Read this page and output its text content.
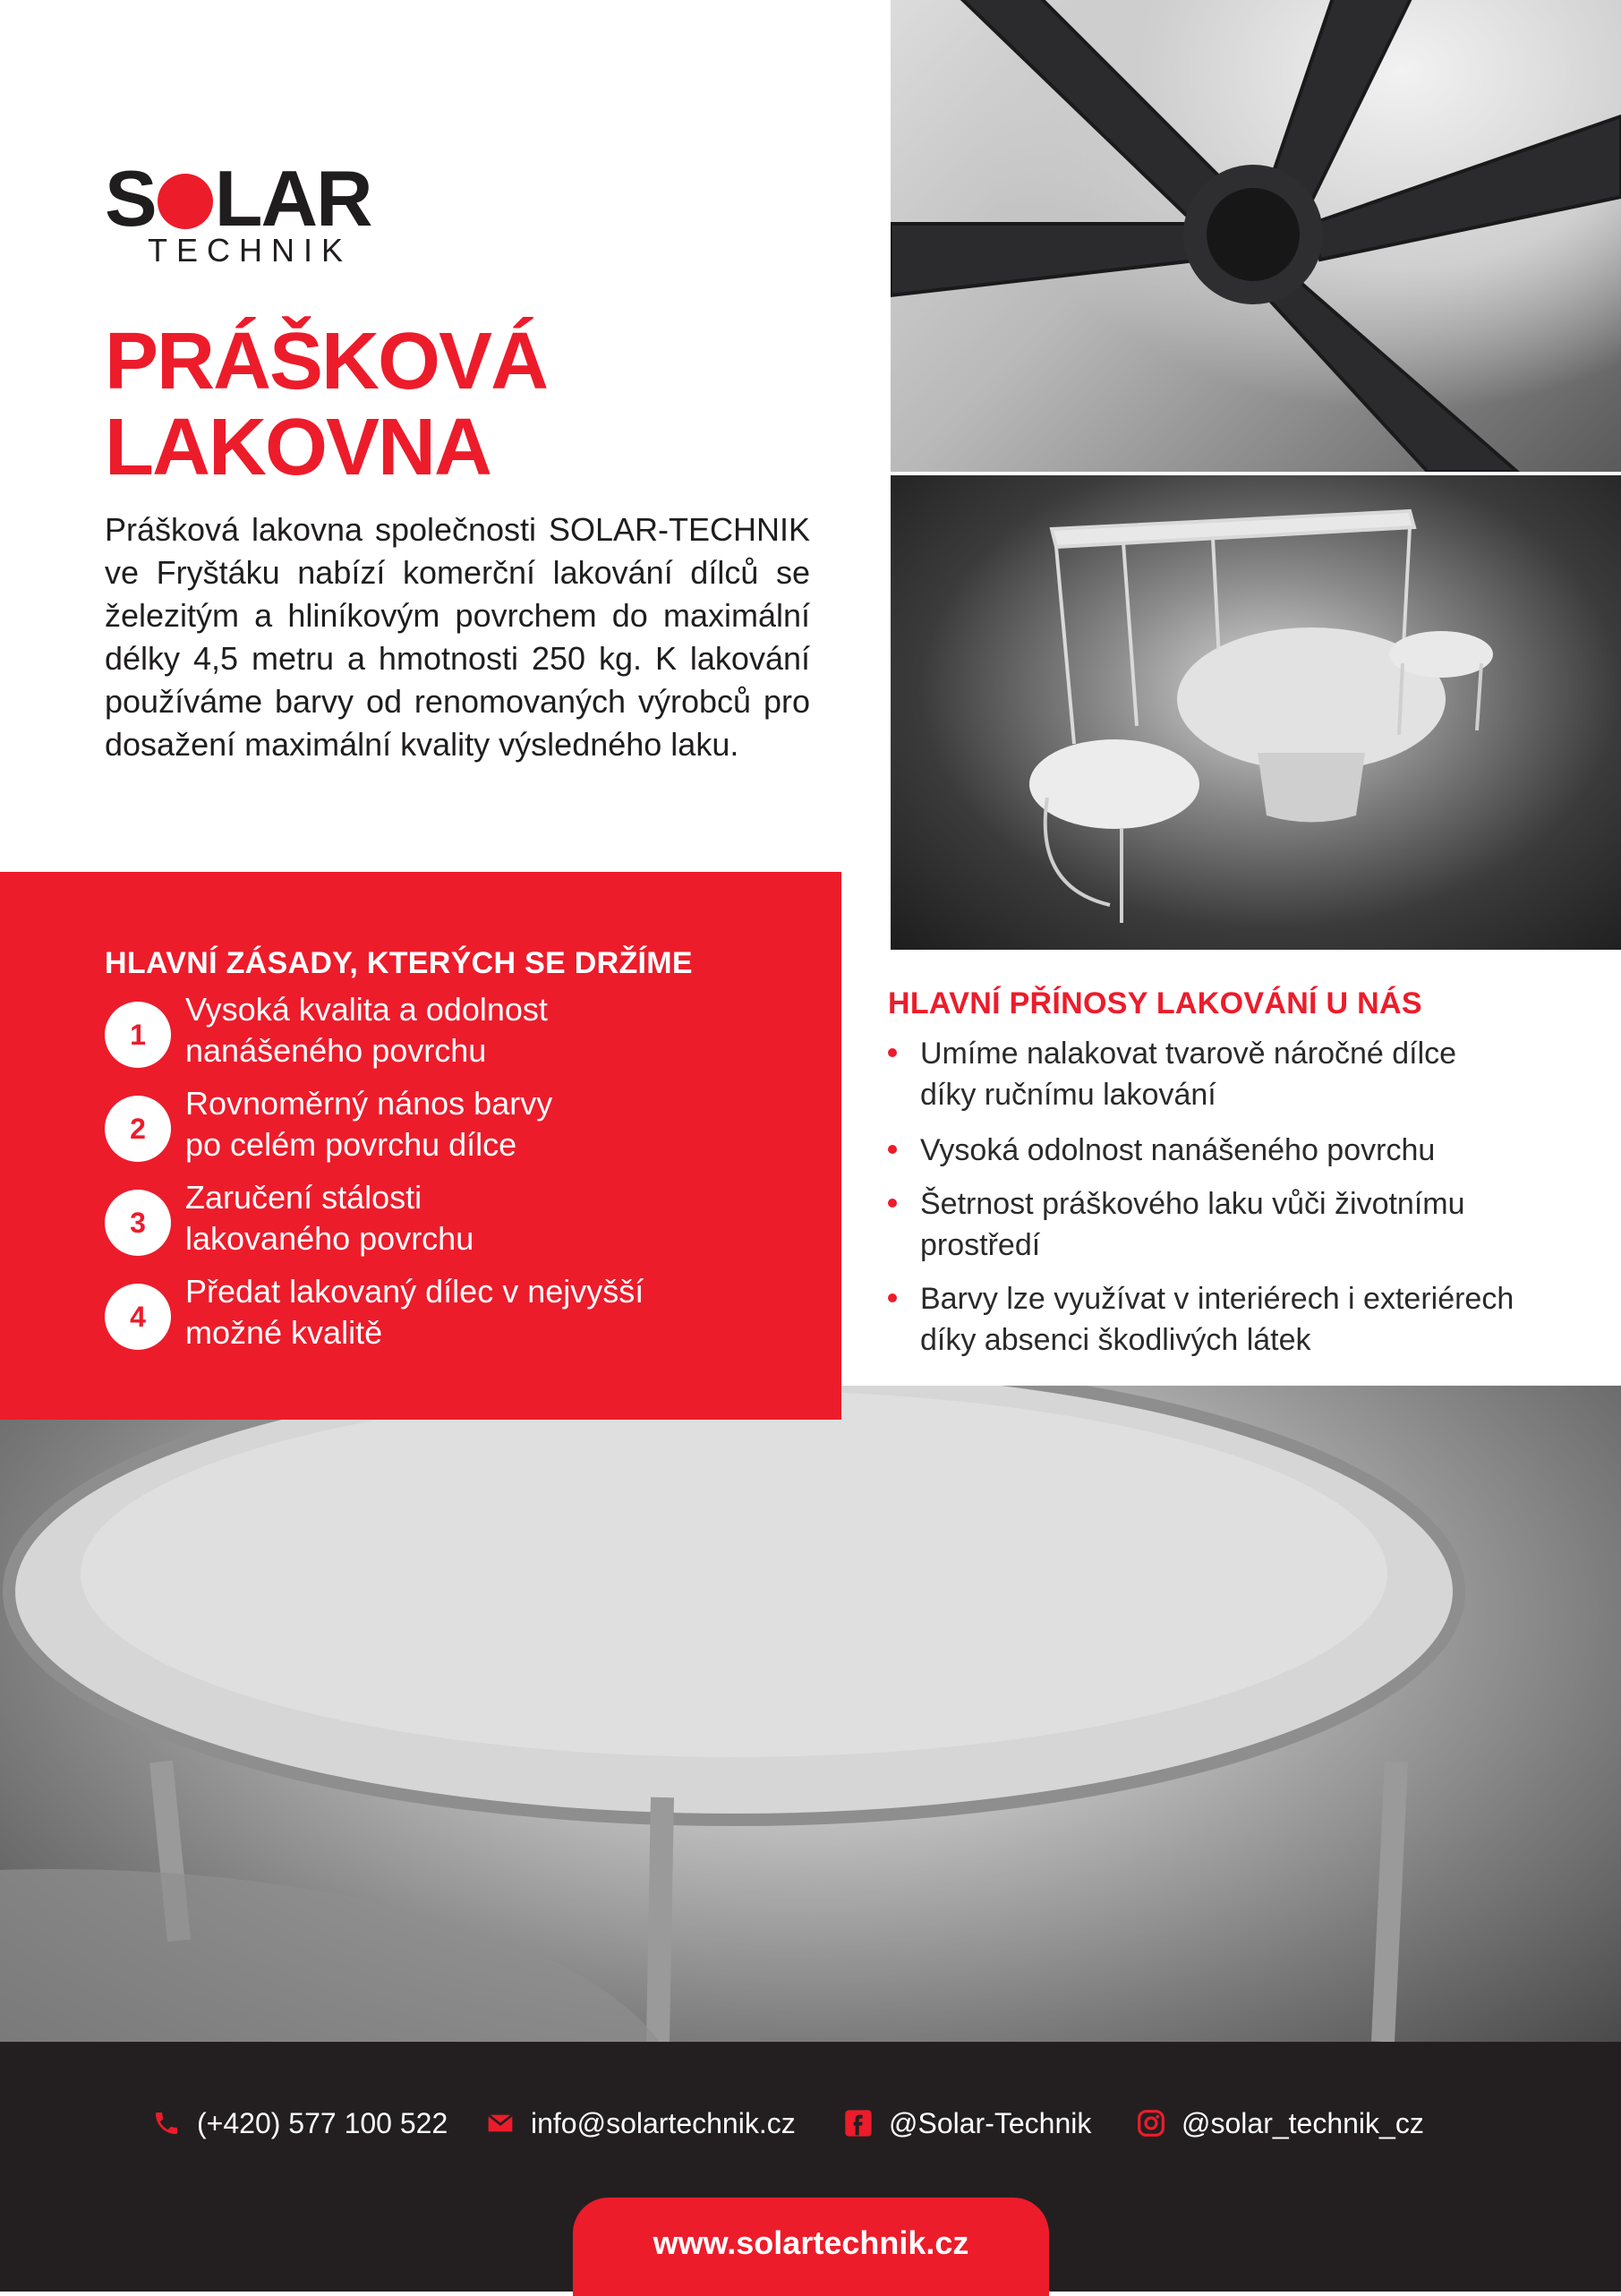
S LAR
TECHNIK
PRÁŠKOVÁ
LAKOVNA
Prášková lakovna společnosti SOLAR-TECHNIK ve Fryštáku nabízí komerční lakování dílců se železitým a hliníkovým povrchem do maximální délky 4,5 metru a hmotnosti 250 kg. K lakování používáme barvy od renomovaných výrobců pro dosažení maximální kvality výsledného laku.
HLAVNÍ ZÁSADY, KTERÝCH SE DRŽÍME
1
Vysoká kvalita a odolnost
nanášeného povrchu
2
Rovnoměrný nános barvy
po celém povrchu dílce
3
Zaručení stálosti
lakovaného povrchu
4
Předat lakovaný dílec v nejvyšší
možné kvalitě
HLAVNÍ PŘÍNOSY LAKOVÁNÍ U NÁS
Umíme nalakovat tvarově náročné dílce
díky ručnímu lakování
Vysoká odolnost nanášeného povrchu
Šetrnost práškového laku vůči životnímu
prostředí
Barvy lze využívat v interiérech i exteriérech
díky absenci škodlivých látek
(+420) 577 100 522	info@solartechnik.cz	@Solar-Technik	@solar_technik_cz
www.solartechnik.cz
